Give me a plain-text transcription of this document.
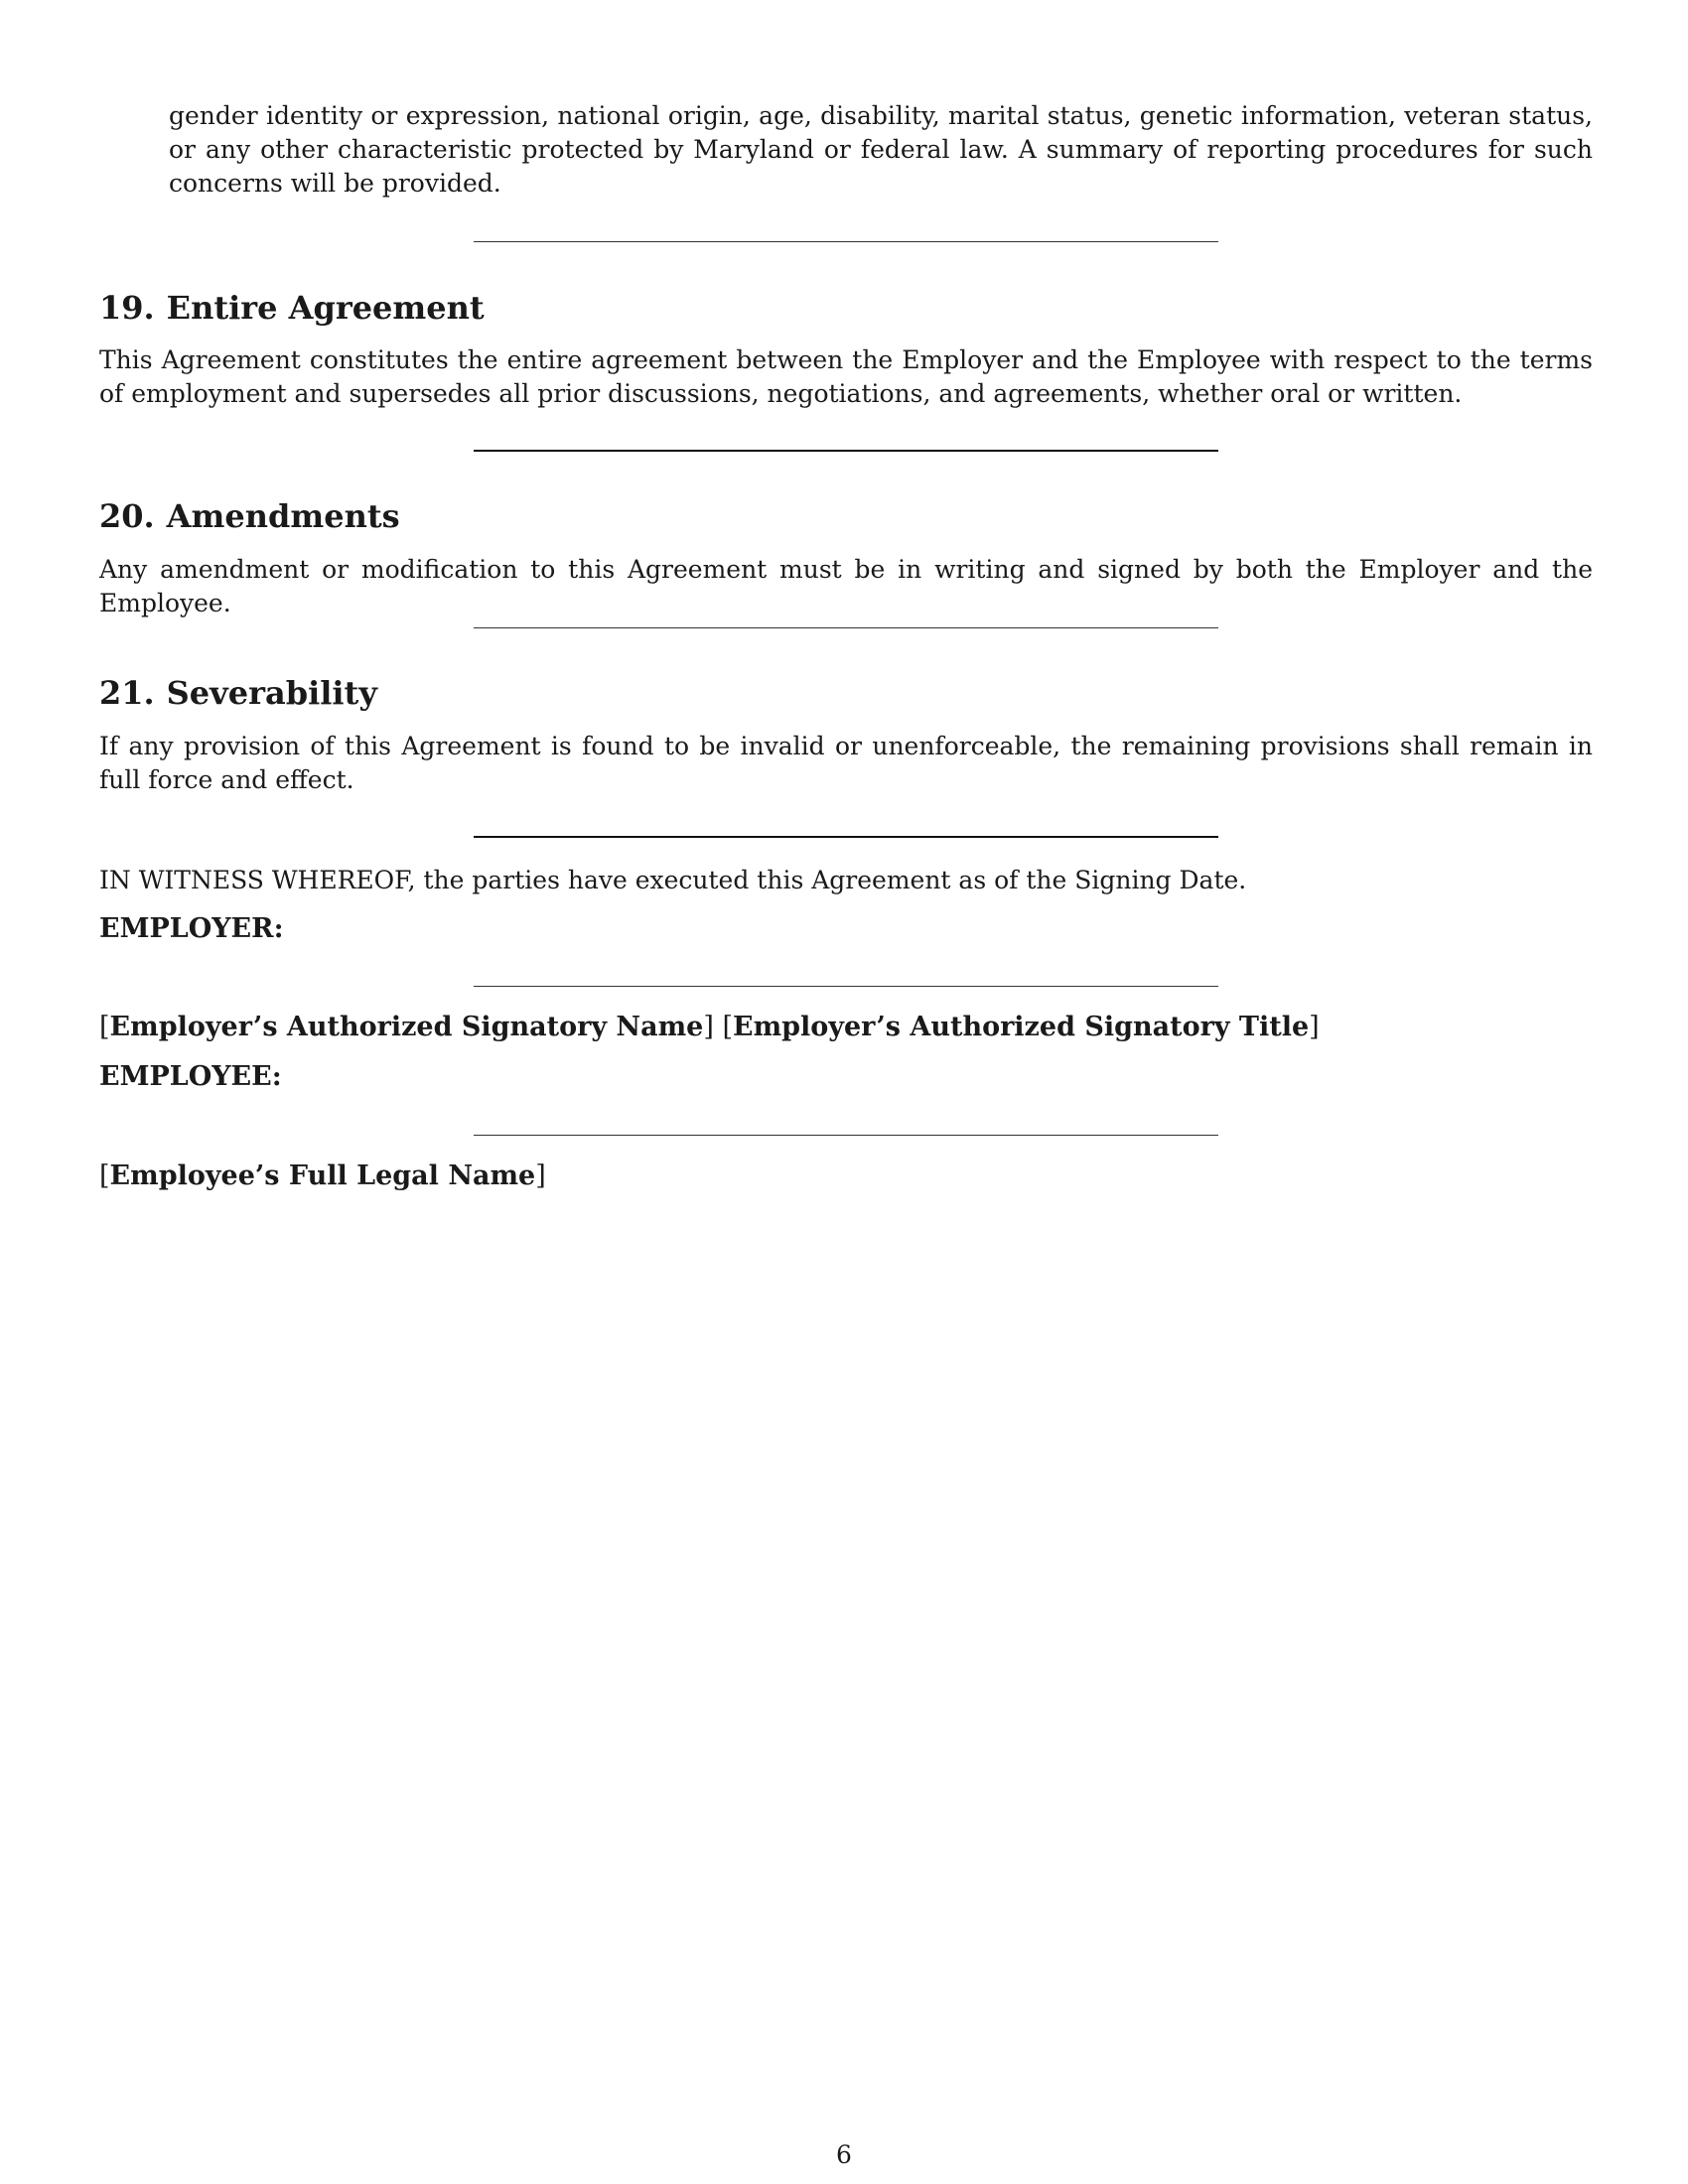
gender identity or expression, national origin, age, disability, marital status, genetic information, veteran status, or any other characteristic protected by Maryland or federal law. A summary of reporting procedures for such concerns will be provided.

19. Entire Agreement

This Agreement constitutes the entire agreement between the Employer and the Employee with respect to the terms of employment and supersedes all prior discussions, negotiations, and agreements, whether oral or written.

20. Amendments

Any amendment or modification to this Agreement must be in writing and signed by both the Employer and the Employee.

21. Severability

If any provision of this Agreement is found to be invalid or unenforceable, the remaining provisions shall remain in full force and effect.

IN WITNESS WHEREOF, the parties have executed this Agreement as of the Signing Date.

EMPLOYER:
[Employer’s Authorized Signatory Name] [Employer’s Authorized Signatory Title]
EMPLOYEE:
[Employee’s Full Legal Name]
6
